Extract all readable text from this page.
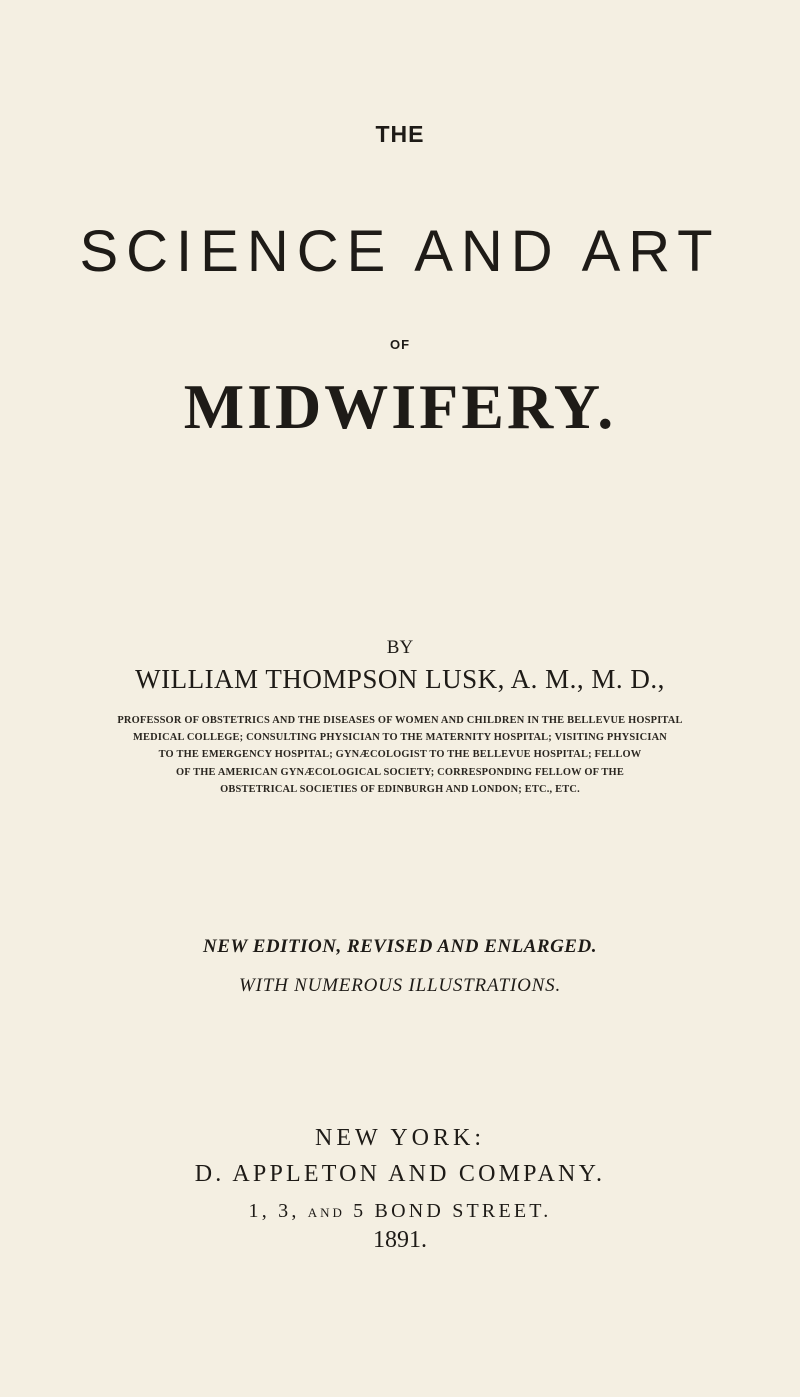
THE
SCIENCE AND ART
OF
MIDWIFERY.
BY
WILLIAM THOMPSON LUSK, A. M., M. D.,
PROFESSOR OF OBSTETRICS AND THE DISEASES OF WOMEN AND CHILDREN IN THE BELLEVUE HOSPITAL
MEDICAL COLLEGE; CONSULTING PHYSICIAN TO THE MATERNITY HOSPITAL; VISITING PHYSICIAN
TO THE EMERGENCY HOSPITAL; GYNÆCOLOGIST TO THE BELLEVUE HOSPITAL; FELLOW
OF THE AMERICAN GYNÆCOLOGICAL SOCIETY; CORRESPONDING FELLOW OF THE
OBSTETRICAL SOCIETIES OF EDINBURGH AND LONDON; ETC., ETC.
NEW EDITION, REVISED AND ENLARGED.
WITH NUMEROUS ILLUSTRATIONS.
NEW YORK:
D. APPLETON AND COMPANY.
1, 3, AND 5 BOND STREET.
1891.
